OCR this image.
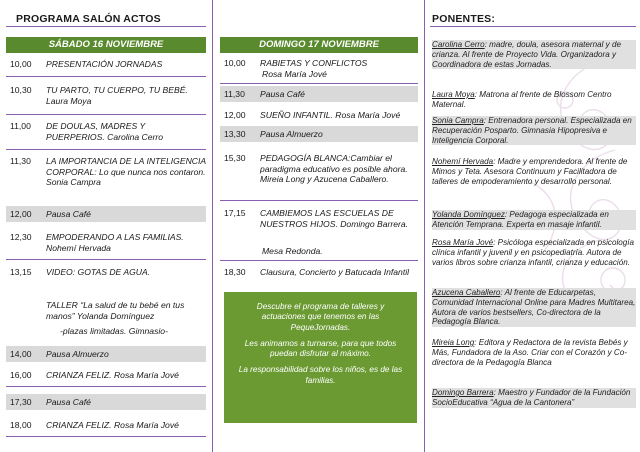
PROGRAMA SALÓN ACTOS
SÁBADO 16 NOVIEMBRE
10,00	PRESENTACIÓN JORNADAS
10,30	TU PARTO, TU CUERPO, TU BEBÉ. Laura Moya
11,00	DE DOULAS, MADRES Y PUERPERIOS. Carolina Cerro
11,30	LA IMPORTANCIA DE LA INTELIGENCIA CORPORAL: Lo que nunca nos contaron. Sonia Campra
12,00	Pausa Café
12,30	EMPODERANDO A LAS FAMILIAS. Nohemí Hervada
13,15	VIDEO: GOTAS DE AGUA.
TALLER “La salud de tu bebé en tus manos” Yolanda Domínguez
-plazas limitadas. Gimnasio-
14,00	Pausa Almuerzo
16,00	CRIANZA FELIZ. Rosa María Jové
17,30	Pausa Café
18,00	CRIANZA FELIZ. Rosa María Jové
DOMINGO 17 NOVIEMBRE
10,00	RABIETAS Y CONFLICTOS
Rosa María Jové
11,30	Pausa Café
12,00	SUEÑO INFANTIL. Rosa María Jové
13,30	Pausa Almuerzo
15,30	PEDAGOGÍA BLANCA:Cambiar el paradigma educativo es posible ahora. Mireia Long y Azucena Caballero.
17,15	CAMBIEMOS LAS ESCUELAS DE NUESTROS HIJOS. Domingo Barrera.
Mesa Redonda.
18,30	Clausura, Concierto y Batucada Infantil

Descubre el programa de talleres y actuaciones que tenemos en las PequeJornadas.

Les animamos a turnarse, para que todos puedan disfrutar al máximo.

La responsabilidad sobre los niños, es de las familias.

PONENTES:
Carolina Cerro: madre, doula, asesora maternal y de crianza. Al frente de Proyecto Vida. Organizadora y Coordinadora de estas Jornadas.
Laura Moya: Matrona al frente de Blossom Centro Maternal.
Sonia Campra: Entrenadora personal. Especializada en Recuperación Posparto. Gimnasia Hipopresiva e Inteligencia Corporal.
Nohemí Hervada: Madre y emprendedora. Al frente de Mimos y Teta. Asesora Continuum y Facilitadora de talleres de empoderamiento y desarrollo personal.
Yolanda Domínguez: Pedagoga especializada en Atención Temprana. Experta en masaje infantil.
Rosa María Jové: Psicóloga especializada en psicología clínica infantil y juvenil y en psicopediatría. Autora de varios libros sobre crianza infantil, crianza y educación.
Azucena Caballero: Al frente de Educarpetas, Comunidad Internacional Online para Madres Multitarea, Autora de varios bestsellers, Co-directora de la Pedagogía Blanca.
Mireia Long: Editora y Redactora de la revista Bebés y Más, Fundadora de la Aso. Criar con el Corazón y Co-directora de la Pedagogía Blanca
Domingo Barrera: Maestro y Fundador de la Fundación SocioEducativa “Agua de la Cantonera”
